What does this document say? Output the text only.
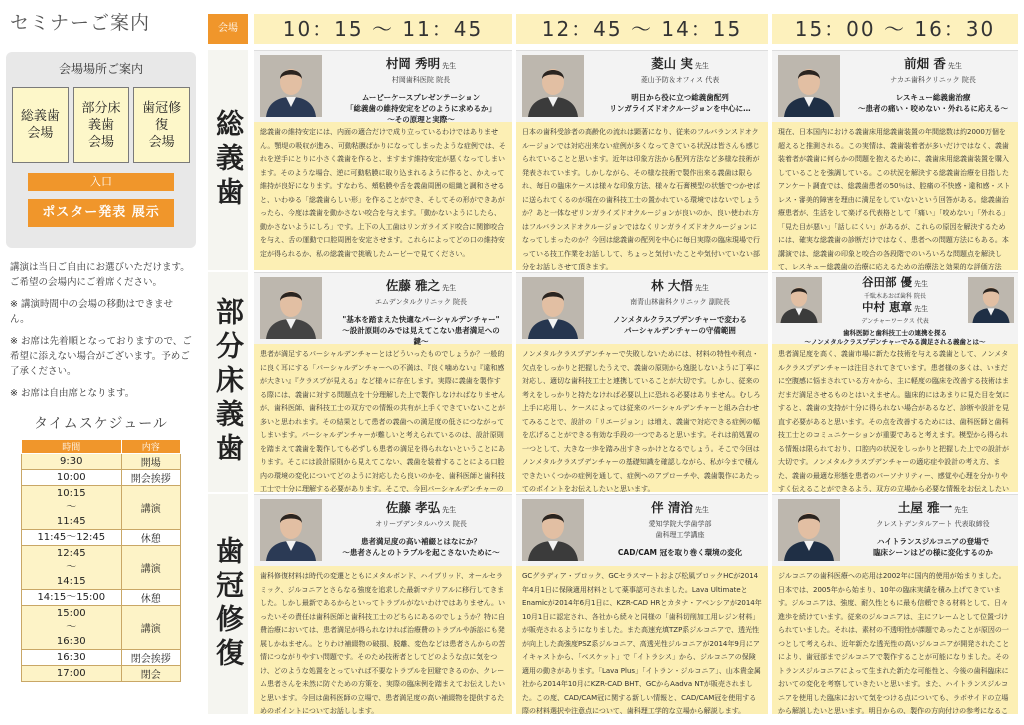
セミナーご案内
会場場所ご案内
総義歯
会場
部分床
義歯
会場
歯冠修復
会場
入口
ポスター発表 展示

講演は当日ご自由にお選びいただけます。ご希望の会場内にご着席ください。

※ 講演時間中の会場の移動はできません。

※ お席は先着順となっておりますので、ご希望に添えない場合がございます。予めご了承ください。

※ お席は自由席となります。

タイムスケジュール
時間	内容
9:30	開場
10:00	開会挨拶
10:15
〜
11:45	講演
11:45〜12:45	休憩
12:45
〜
14:15	講演
14:15〜15:00	休憩
15:00
〜
16:30	講演
16:30	閉会挨拶
17:00	閉会
会場	10：15 〜 11：45	12：45 〜 14：15	15：00 〜 16：30
総義歯
村岡 秀明 先生
村岡歯科医院 院長
ムービーケースプレゼンテーション
「総義歯の維持安定をどのように求めるか」
〜その原理と実際〜
総義歯の維持安定には、内面の適合だけで成り立っているわけではありません。顎堤の吸収が進み、可動粘膜ばかりになってしまったような症例では、それを逆手にとりに小さく義歯を作ると、ますます維持安定が悪くなってしまいます。そのような場合、逆に可動粘膜に取り込まれるように作ると、かえって維持が良好になります。すなわち、頬粘膜や舌を義歯周囲の組織と調和させると、いわゆる「総義歯らしい形」を作ることができ、そしてその形ができあがったら、今度は義歯を動かさない咬合を与えます。「動かないようにしたら、動かさないようにしろ」です。上下の人工歯はリンガライズド咬合に関節咬合を与え、舌の運動で口腔周囲を安定させます。これらによってどの口の維持安定が得られるか、私の総義歯で挑戦したムービーで見てください。
菱山 実 先生
菱山予防＆オフィス 代表
明日から役に立つ総義歯配列
リンガライズドオクルージョンを中心に…
日本の歯科受診者の高齢化の流れは顕著になり、従来のフルバランスドオクルージョンでは対応出来ない症例が多くなってきている状況は皆さんも感じられていることと思います。近年は印象方法から配列方法など多様な技術が発表されています。しかしながら、その様な技術で製作出来る義歯は限られ、毎日の臨床ケースは様々な印象方法、様々な石膏模型の状態でつかせばに送られてくるのが現在の歯科技工士の置かれている環境ではないでしょうか？あと一体なぜリンガライズドオクルージョンが良いのか、良い使われ方はフルバランスドオクルージョンではなくリンガライズドオクルージョンになってしまったのか？今回は総義歯の配列を中心に毎日実際の臨床現場で行っている技工作業をお話しして、ちょっと気付いたことや気付いていない部分をお話しさせて頂きます。
前畑 香 先生
ナカエ歯科クリニック 院長
レスキュー総義歯治療
〜患者の痛い・咬めない・外れるに応える〜
現在、日本国内における義歯床用総義歯装置の年間総数は約2000万個を超えると推測される。この実情は、義歯装着者が多いだけではなく、義歯装着者が義歯に何らかの問題を抱えるために、義歯床用総義歯装置を購入していることを強調している。この状況を解決する総義歯治療を目指したアンケート調査では、総義歯患者の50％は、腔痛の不快感・違和感・ストレス・審美的障害を理由に満足をしていないという回答がある。総義歯治療患者が、生活をして楽げる代表格として「痛い」「咬めない」「外れる」「見た目が悪い」「話しにくい」があるが、これらの原因を解決するためには、確実な総義歯の診断だけではなく、患者への問題方法にもある。本講演では、総義歯の印象と咬合の各段階でのいろいろな問題点を解決して、レスキュー総義歯の治療に応えるための治療法と効果的な評価方法
部分床義歯
佐藤 雅之 先生
エムデンタルクリニック 院長
"基本を踏まえた快適なパーシャルデンチャー"
〜設計原則のみでは見えてこない患者満足への鍵〜
患者が満足するパーシャルデンチャーとはどういったものでしょうか？一般的に良く耳にする「パーシャルデンチャーへの不満は、『良く噛めない』『違和感が大きい』『クラスプが見える』など様々に存在します。実際に義歯を製作する際には、義歯に対する問題点を十分理解した上で製作しなければなりませんが、歯科医師、歯科技工士の双方での情報の共有が上手くできていないことが多いと思われます。その結果として患者の義歯への満足度の低さにつながってしまいます。パーシャルデンチャーが難しいと考えられているのは、設計原則を踏まえて義歯を製作しても必ずしも患者の満足を得られないということにあります。そこには設計原則から見えてこない、義歯を装着することによる口腔内の環境の変化についてどのように対応したら良いのかを、歯科医師と歯科技工士で十分に理解する必要があります。そこで、今回パーシャルデンチャーの
林 大悟 先生
南青山林歯科クリニック 副院長
ノンメタルクラスプデンチャーで変わる
パーシャルデンチャーの守備範囲
ノンメタルクラスプデンチャーで失敗しないためには、材料の特性や利点・欠点をしっかりと把握したうえで、義歯の原則から逸脱しないように丁寧に対応し、適切な歯科技工士と連携していることが大切です。しかし、従来の考えをしっかりと持たなければ必要以上に恐れる必要はありません。むしろ上手に応用し、ケースによっては従来のパーシャルデンチャーと組み合わせてみることで、設計の「リエージョン」は増え、義歯で対応できる症例の幅を広げることができる有効な手段の一つであると思います。それは前処置の一つとして、大きな一歩を踏み出すきっかけとなるでしょう。そこで今回はノンメタルクラスプデンチャーの基礎知識を確認しながら、私が今まで積んできたいくつかの症例を通して、症例へのアプローチや、義歯製作にあたってのポイントをお伝えしたいと思います。
谷田部 優 先生
千駄木あおば歯科 院長
中村 恵章 先生
デンチャーワークス 代表
歯科医師と歯科技工士の連携を探る
〜ノンメタルクラスプデンチャーでみる満足される義歯とは〜
患者満足度を高く、義歯市場に新たな技術を与える義歯として、ノンメタルクラスプデンチャーは注目されてきています。患者様の多くは、いまだに空腹感に悩まされている方々から、主に軽度の臨床を改善する技術はまだまだ満足させるものとはいえません。臨床的にはあまりに見た目を気にすると、義歯の支持が十分に得られない場合があるなど、診断や設計を見直す必要があると思います。その点を改善するためには、歯科医師と歯科技工士とのコミュニケーションが重要であると考えます。模型から得られる情報は限られており、口腔内の状況をしっかりと把握した上での設計が大切です。ノンメタルクラスプデンチャーの適応症や設計の考え方、また、義歯の最適な形態を患者のパーソナリティー、感覚や心理を分かりやすく伝えることができるよう、双方の立場から必要な情報をお伝えしたい
歯冠修復
佐藤 孝弘 先生
オリーブデンタルハウス 院長
患者満足度の高い補綴とはなにか？
〜患者さんとのトラブルを起こさないために〜
歯科修復材料は時代の変遷とともにメタルボンド、ハイブリッド、オールセラミック、ジルコニアとさらなる強度を追求した最新マテリアルに移行してきました。しかし最新であるからといってトラブルがないわけではありません。いったいその責任は歯科医師と歯科技工士のどちらにあるのでしょうか？特に自費治療においては、患者満足が得られなければ治療費のトラブルや訴訟にも発展しかねません。とりわけ補綴物の破損、脱離、変色などは患者さんからの苦情につながりやすい問題です。そのため技術者としてどのような点に気をつけ、どのような処置をとっていれば不要なトラブルを回避できるのか、クレーム患者さんを未然に防ぐための方策を、実際の臨床例を踏まえてお伝えしたいと思います。今回は歯科医師の立場で、患者満足度の高い補綴物を提供するためのポイントについてお話しします。
伴 清治 先生
愛知学院大学歯学部
歯科理工学講座
CAD/CAM 冠を取り巻く環境の変化
GCグラディア・ブロック、GCセラスマートおよび松風ブロックHCが2014年4月1日に保険適用材料として薬事認可されました。Lava UltimateとEnamicが2014年6月1日に、KZR-CAD HRとカタナ・アベンシアが2014年10月1日に認定され、各社から続々と同様の「歯科切削加工用レジン材料」が販売されるようになりました。また高速充填TZP系ジルコニアで、透光性が向上した高強度PSZ系ジルコニア、高透光性ジルコニアが2014年9月にアイキャストから、「ベスケット」で「イトラシス」から、ジルコニアの保険適用の動きがあります。「Lava Plus」「イトラン・ジルコニア」、山本貴金属社から2014年10月にKZR-CAD BHT、GCからAadva NTが販売されました。この度、CAD/CAM冠に関する新しい情報と、CAD/CAM冠を使用する際の材料選択や注意点について、歯科理工学的な立場から解説します。
土屋 雅一 先生
クレストデンタルアート 代表取締役
ハイトランスジルコニアの登場で
臨床シーンはどの様に変化するのか
ジルコニアの歯科医療への応用は2002年に国内的使用が始まりました。日本では、2005年から始まり、10年の臨床実績を積み上げてきています。ジルコニアは、強度、耐久性ともに最も信頼できる材料として、日々進歩を続けています。従来のジルコニアは、主にフレームとして位置づけられていました。それは、素材の不透明性が課題であったことが原因の一つとして考えられ、近年新たな透光性の高いジルコニアが開発されたことにより、歯冠部までジルコニアで製作することが可能になりました。そのトランスジルコニアによって生まれた新たな可能性と、今後の歯科臨床においての変化を考察していきたいと思います。また、ハイトランスジルコニアを使用した臨床において気をつける点についても、ラボサイドの立場から解説したいと思います。明日からの、製作の方向付けの参考になるこ
